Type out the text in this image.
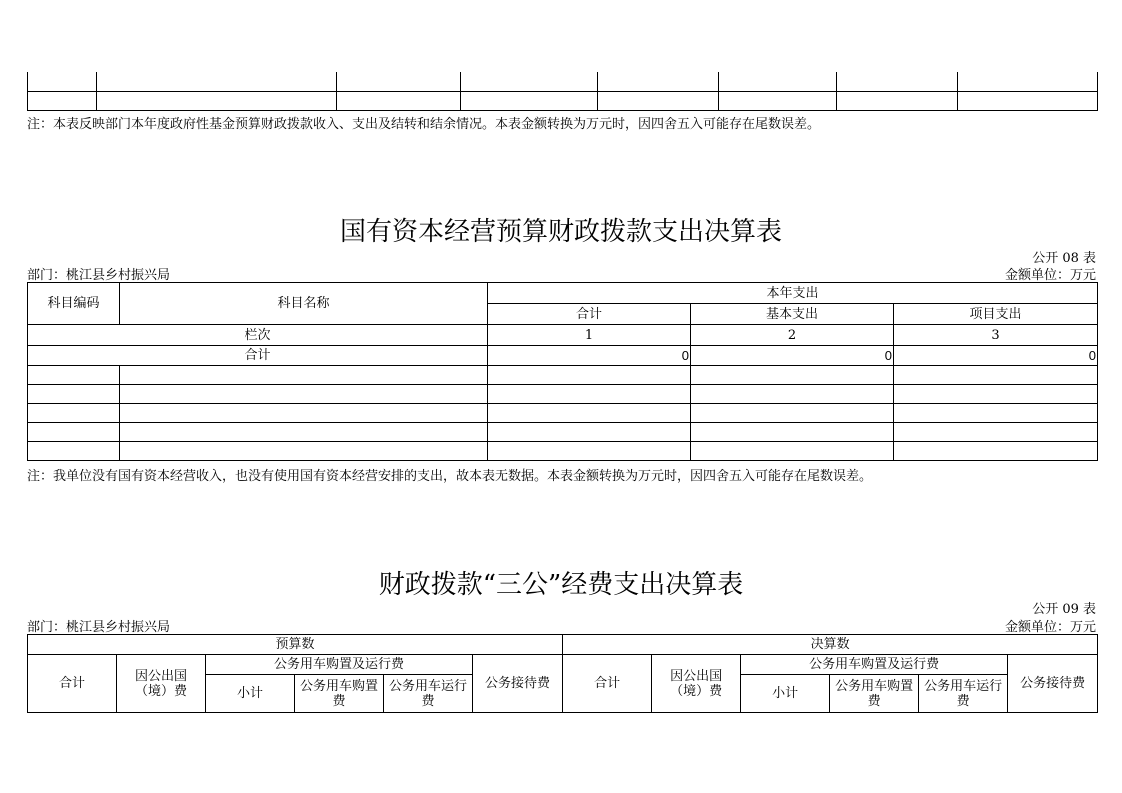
注：本表反映部门本年度政府性基金预算财政拨款收入、支出及结转和结余情况。本表金额转换为万元时，因四舍五入可能存在尾数误差。
国有资本经营预算财政拨款支出决算表
公开 08 表
部门：桃江县乡村振兴局	金额单位：万元
科目编码	科目名称	本年支出		
		合计	基本支出	项目支出
栏次		1	2	3
合计		0	0	0

注：我单位没有国有资本经营收入，也没有使用国有资本经营安排的支出，故本表无数据。本表金额转换为万元时，因四舍五入可能存在尾数误差。
财政拨款“三公”经费支出决算表
公开 09 表
部门：桃江县乡村振兴局	金额单位：万元
预算数						决算数					
合计	因公出国（境）费	公务用车购置及运行费			公务接待费	合计	因公出国（境）费	公务用车购置及运行费			公务接待费
		小计	公务用车购置费	公务用车运行费				小计	公务用车购置费	公务用车运行费	
